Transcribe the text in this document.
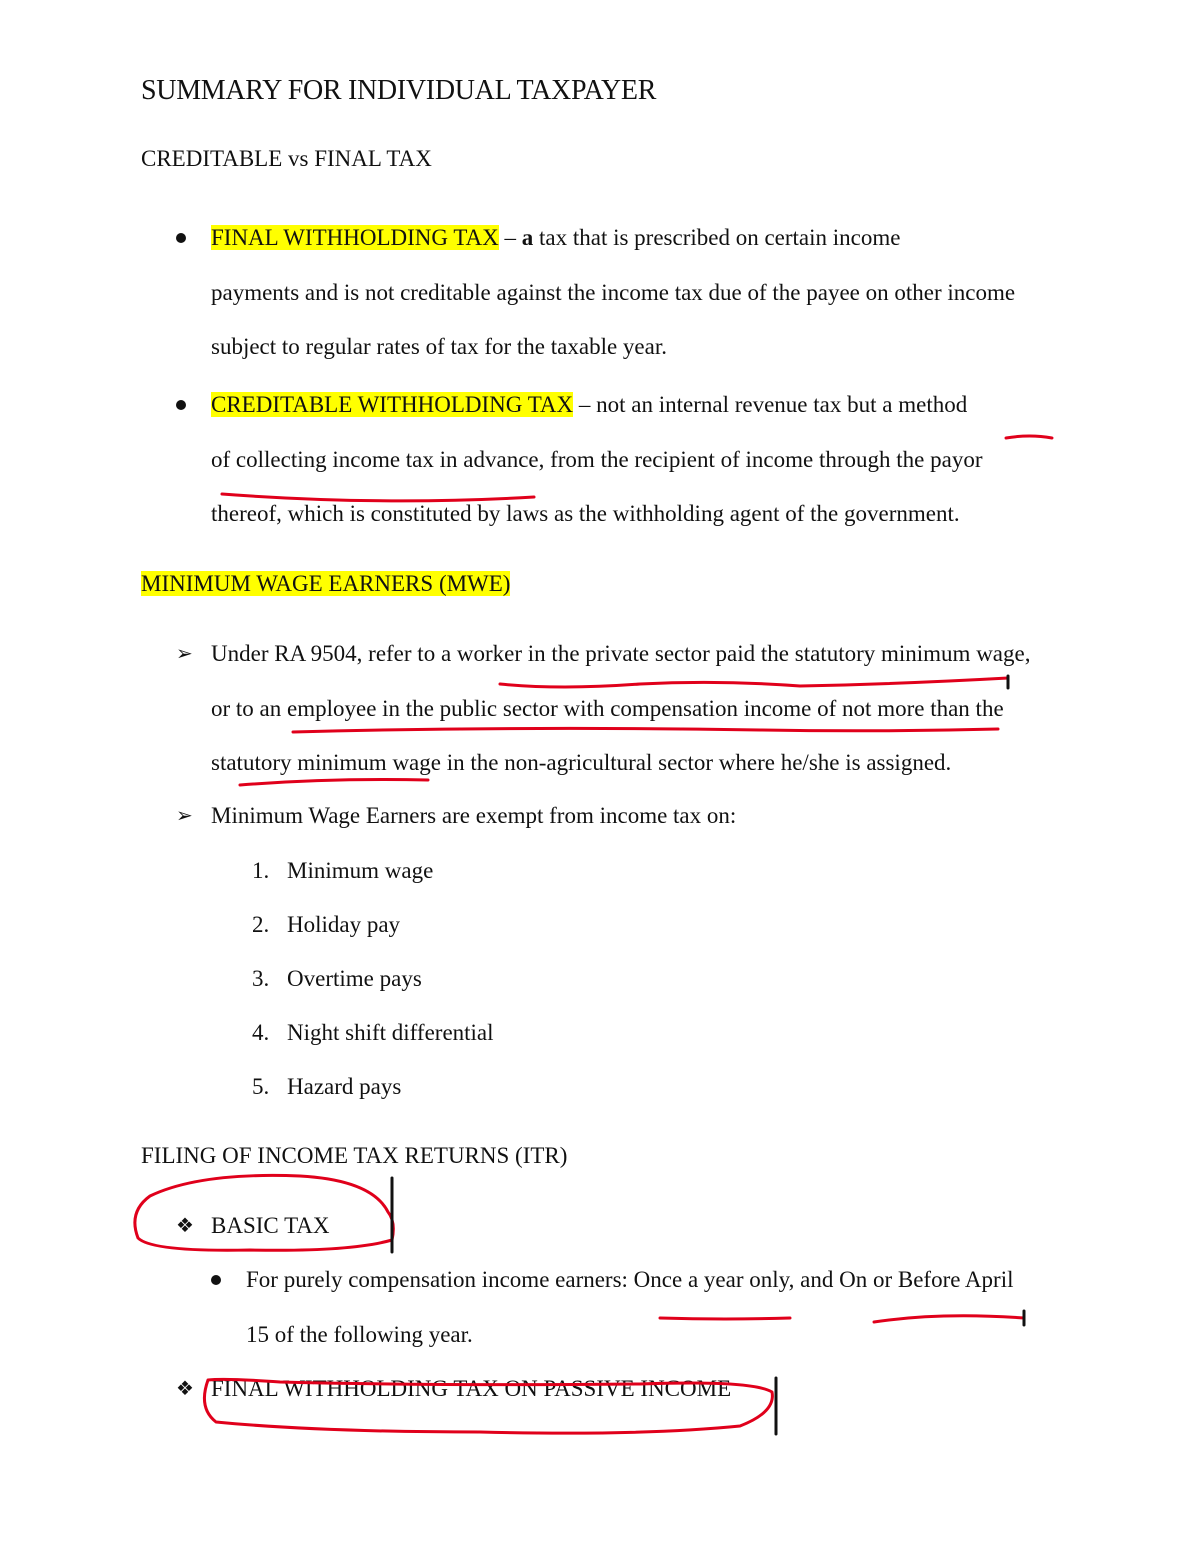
SUMMARY FOR INDIVIDUAL TAXPAYER
CREDITABLE vs FINAL TAX
FINAL WITHHOLDING TAX – a tax that is prescribed on certain income
payments and is not creditable against the income tax due of the payee on other income
subject to regular rates of tax for the taxable year.
CREDITABLE WITHHOLDING TAX – not an internal revenue tax but a method
of collecting income tax in advance, from the recipient of income through the payor
thereof, which is constituted by laws as the withholding agent of the government.
MINIMUM WAGE EARNERS (MWE)
➢ Under RA 9504, refer to a worker in the private sector paid the statutory minimum wage,
or to an employee in the public sector with compensation income of not more than the
statutory minimum wage in the non-agricultural sector where he/she is assigned.
➢ Minimum Wage Earners are exempt from income tax on:
1. Minimum wage
2. Holiday pay
3. Overtime pays
4. Night shift differential
5. Hazard pays
FILING OF INCOME TAX RETURNS (ITR)
❖ BASIC TAX
For purely compensation income earners: Once a year only, and On or Before April
15 of the following year.
❖ FINAL WITHHOLDING TAX ON PASSIVE INCOME
